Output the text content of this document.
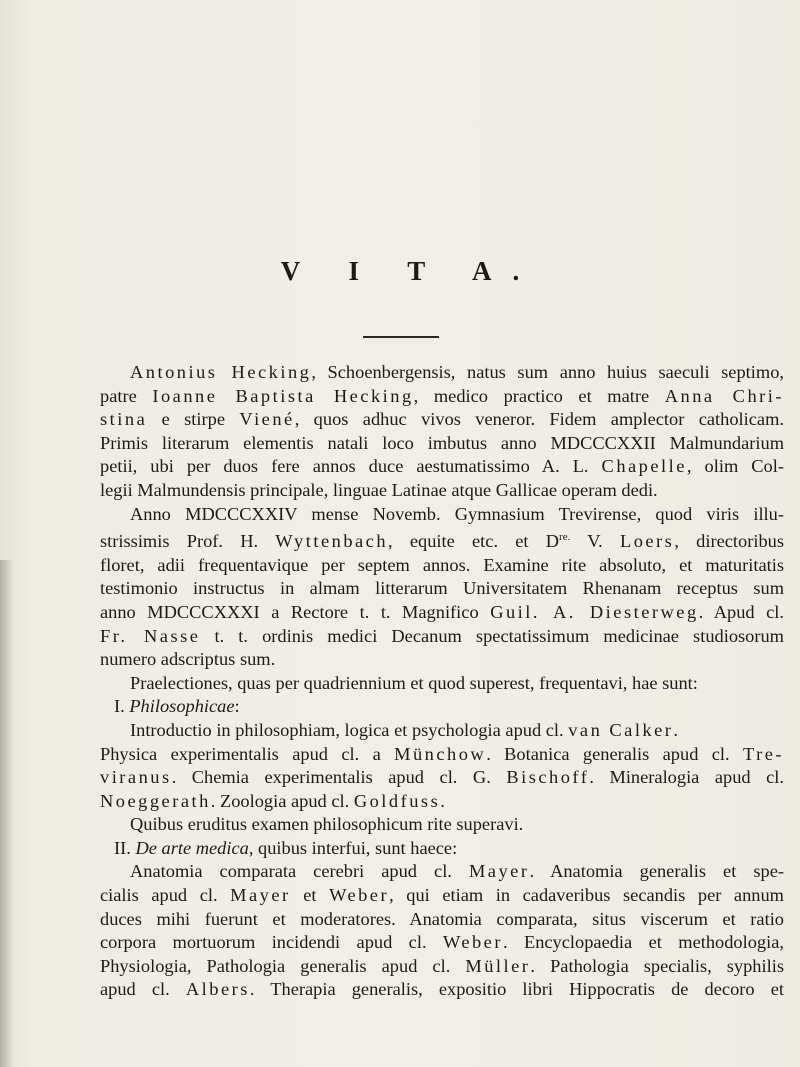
V I T A.
Antonius Hecking, Schoenbergensis, natus sum anno huius saeculi septimo,
patre Ioanne Baptista Hecking, medico practico et matre Anna Chri-
stina e stirpe Viené, quos adhuc vivos veneror. Fidem amplector catholicam.
Primis literarum elementis natali loco imbutus anno MDCCCXXII Malmundarium
petii, ubi per duos fere annos duce aestumatissimo A. L. Chapelle, olim Col-
legii Malmundensis principale, linguae Latinae atque Gallicae operam dedi.
Anno MDCCCXXIV mense Novemb. Gymnasium Trevirense, quod viris illu-
strissimis Prof. H. Wyttenbach, equite etc. et $D^{re.}$ V. Loers, directoribus
floret, adii frequentavique per septem annos. Examine rite absoluto, et maturitatis
testimonio instructus in almam litterarum Universitatem Rhenanam receptus sum
anno MDCCCXXXI a Rectore t. t. Magnifico Guil. A. Diesterweg. Apud cl.
Fr. Nasse t. t. ordinis medici Decanum spectatissimum medicinae studiosorum
numero adscriptus sum.
Praelectiones, quas per quadriennium et quod superest, frequentavi, hae sunt:
I. Philosophicae:
Introductio in philosophiam, logica et psychologia apud cl. van Calker.
Physica experimentalis apud cl. a Münchow. Botanica generalis apud cl. Tre-
viranus. Chemia experimentalis apud cl. G. Bischoff. Mineralogia apud cl.
Noeggerath. Zoologia apud cl. Goldfuss.
Quibus eruditus examen philosophicum rite superavi.
II. De arte medica, quibus interfui, sunt haece:
Anatomia comparata cerebri apud cl. Mayer. Anatomia generalis et spe-
cialis apud cl. Mayer et Weber, qui etiam in cadaveribus secandis per annum
duces mihi fuerunt et moderatores. Anatomia comparata, situs viscerum et ratio
corpora mortuorum incidendi apud cl. Weber. Encyclopaedia et methodologia,
Physiologia, Pathologia generalis apud cl. Müller. Pathologia specialis, syphilis
apud cl. Albers. Therapia generalis, expositio libri Hippocratis de decoro et
